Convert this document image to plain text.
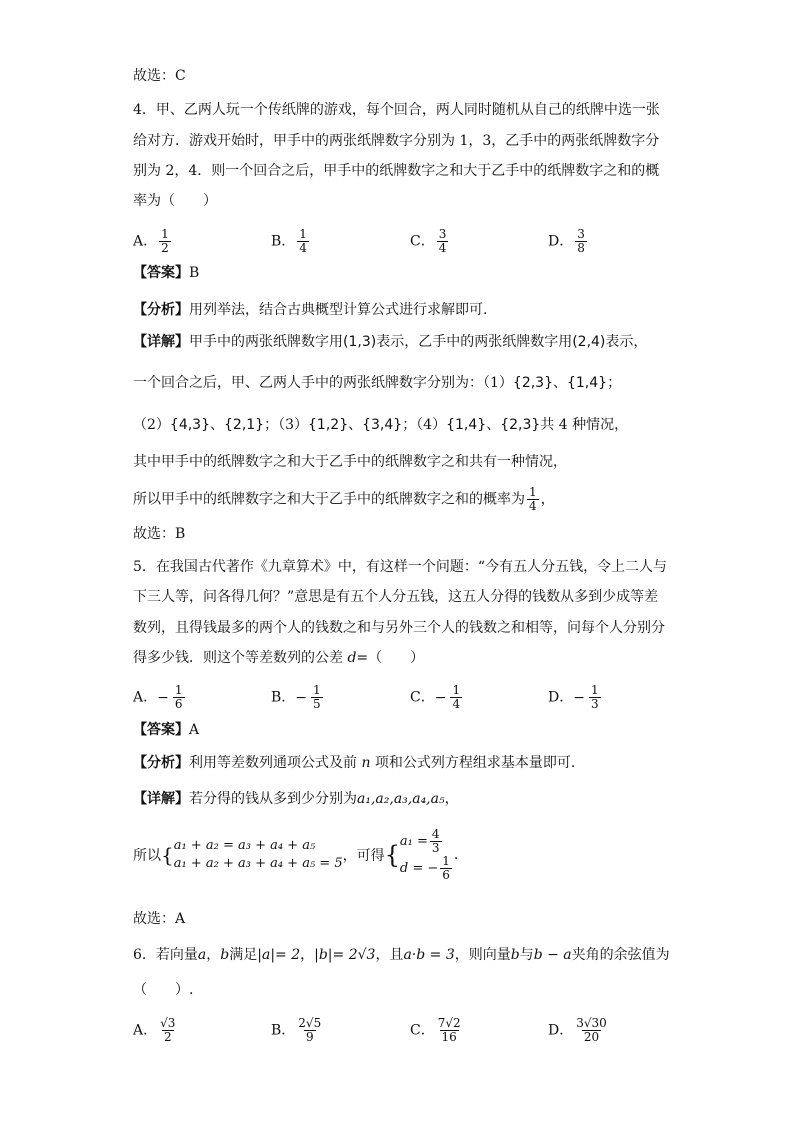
故选：C
4．甲、乙两人玩一个传纸牌的游戏，每个回合，两人同时随机从自己的纸牌中选一张
给对方．游戏开始时，甲手中的两张纸牌数字分别为 1，3，乙手中的两张纸牌数字分
别为 2，4．则一个回合之后，甲手中的纸牌数字之和大于乙手中的纸牌数字之和的概
率为（　　）
A． $\frac{1}{2}$	B． $\frac{1}{4}$	C． $\frac{3}{4}$	D． $\frac{3}{8}$
【答案】B
【分析】用列举法，结合古典概型计算公式进行求解即可.
【详解】甲手中的两张纸牌数字用(1,3)表示，乙手中的两张纸牌数字用(2,4)表示，
一个回合之后，甲、乙两人手中的两张纸牌数字分别为：（1）{2,3}、{1,4}；
（2）{4,3}、{2,1}；（3）{1,2}、{3,4}；（4）{1,4}、{2,3}共 4 种情况，
其中甲手中的纸牌数字之和大于乙手中的纸牌数字之和共有一种情况，
所以甲手中的纸牌数字之和大于乙手中的纸牌数字之和的概率为 $\frac{1}{4}$ ，
故选：B
5．在我国古代著作《九章算术》中，有这样一个问题：“今有五人分五钱，令上二人与
下三人等，问各得几何？”意思是有五个人分五钱，这五人分得的钱数从多到少成等差
数列，且得钱最多的两个人的钱数之和与另外三个人的钱数之和相等，问每个人分别分
得多少钱．则这个等差数列的公差 d=（　　）
A．− $\frac{1}{6}$	B．− $\frac{1}{5}$	C．− $\frac{1}{4}$	D．− $\frac{1}{3}$
【答案】A
【分析】利用等差数列通项公式及前 n 项和公式列方程组求基本量即可.
【详解】若分得的钱从多到少分别为a₁,a₂,a₃,a₄,a₅，
所以{ a₁ + a₂ = a₃ + a₄ + a₅
a₁ + a₂ + a₃ + a₄ + a₅ = 5 ，可得{ $a_1 = \frac{4}{3}$
d = − $\frac{1}{6}$ .
故选：A
6．若向量a，b满足|a|= 2，|b|= 2√3，且a·b = 3，则向量b与b − a夹角的余弦值为
（　　）.
A． $\frac{√3}{2}$	B． $\frac{2√5}{9}$	C． $\frac{7√2}{16}$	D． $\frac{3√30}{20}$
